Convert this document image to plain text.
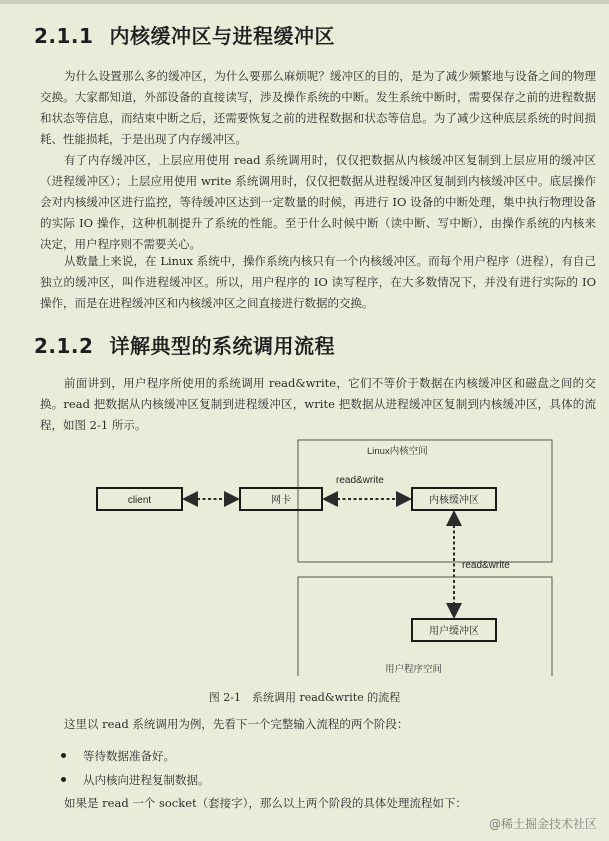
2.1.1 内核缓冲区与进程缓冲区

为什么设置那么多的缓冲区，为什么要那么麻烦呢？缓冲区的目的，是为了减少频繁地与设备之间的物理交换。大家都知道，外部设备的直接读写，涉及操作系统的中断。发生系统中断时，需要保存之前的进程数据和状态等信息，而结束中断之后，还需要恢复之前的进程数据和状态等信息。为了减少这种底层系统的时间损耗、性能损耗，于是出现了内存缓冲区。

有了内存缓冲区，上层应用使用 read 系统调用时，仅仅把数据从内核缓冲区复制到上层应用的缓冲区（进程缓冲区）；上层应用使用 write 系统调用时，仅仅把数据从进程缓冲区复制到内核缓冲区中。底层操作会对内核缓冲区进行监控，等待缓冲区达到一定数量的时候，再进行 IO 设备的中断处理，集中执行物理设备的实际 IO 操作，这种机制提升了系统的性能。至于什么时候中断（读中断、写中断），由操作系统的内核来决定，用户程序则不需要关心。

从数量上来说，在 Linux 系统中，操作系统内核只有一个内核缓冲区。而每个用户程序（进程），有自己独立的缓冲区，叫作进程缓冲区。所以，用户程序的 IO 读写程序，在大多数情况下，并没有进行实际的 IO 操作，而是在进程缓冲区和内核缓冲区之间直接进行数据的交换。

2.1.2 详解典型的系统调用流程

前面讲到，用户程序所使用的系统调用 read&write，它们不等价于数据在内核缓冲区和磁盘之间的交换。read 把数据从内核缓冲区复制到进程缓冲区，write 把数据从进程缓冲区复制到内核缓冲区，具体的流程，如图 2-1 所示。

Linux内核空间
用户程序空间
client	网卡	内核缓冲区
用户缓冲区
read&write
read&write
图 2-1　系统调用 read&write 的流程

这里以 read 系统调用为例，先看下一个完整输入流程的两个阶段：

等待数据准备好。
从内核向进程复制数据。

如果是 read 一个 socket（套接字），那么以上两个阶段的具体处理流程如下：

@稀土掘金技术社区
